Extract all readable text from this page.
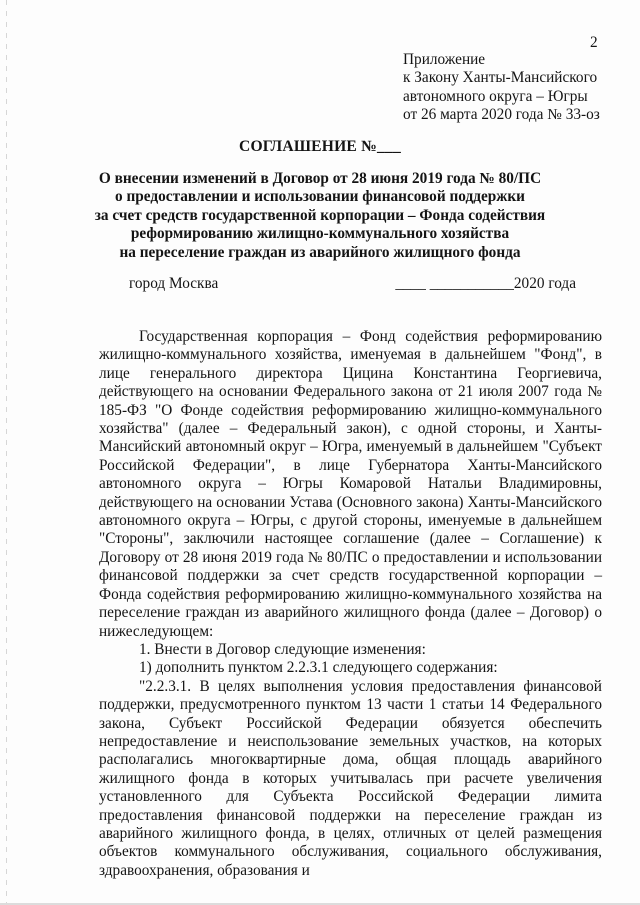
2
Приложение
к Закону Ханты-Мансийского
автономного округа – Югры
от 26 марта 2020 года № 33-оз
СОГЛАШЕНИЕ №___
О внесении изменений в Договор от 28 июня 2019 года № 80/ПС
о предоставлении и использовании финансовой поддержки
за счет средств государственной корпорации – Фонда содействия
реформированию жилищно-коммунального хозяйства
на переселение граждан из аварийного жилищного фонда
город Москва	____ ___________2020 года

Государственная корпорация – Фонд содействия реформированию жилищно-коммунального хозяйства, именуемая в дальнейшем "Фонд", в лице генерального директора Цицина Константина Георгиевича, действующего на основании Федерального закона от 21 июля 2007 года № 185-ФЗ "О Фонде содействия реформированию жилищно-коммунального хозяйства" (далее – Федеральный закон), с одной стороны, и Ханты-Мансийский автономный округ – Югра, именуемый в дальнейшем "Субъект Российской Федерации", в лице Губернатора Ханты-Мансийского автономного округа – Югры Комаровой Натальи Владимировны, действующего на основании Устава (Основного закона) Ханты-Мансийского автономного округа – Югры, с другой стороны, именуемые в дальнейшем "Стороны", заключили настоящее соглашение (далее – Соглашение) к Договору от 28 июня 2019 года № 80/ПС о предоставлении и использовании финансовой поддержки за счет средств государственной корпорации – Фонда содействия реформированию жилищно-коммунального хозяйства на переселение граждан из аварийного жилищного фонда (далее – Договор) о нижеследующем:

1. Внести в Договор следующие изменения:

1) дополнить пунктом 2.2.3.1 следующего содержания:

"2.2.3.1. В целях выполнения условия предоставления финансовой поддержки, предусмотренного пунктом 13 части 1 статьи 14 Федерального закона, Субъект Российской Федерации обязуется обеспечить непредоставление и неиспользование земельных участков, на которых располагались многоквартирные дома, общая площадь аварийного жилищного фонда в которых учитывалась при расчете увеличения установленного для Субъекта Российской Федерации лимита предоставления финансовой поддержки на переселение граждан из аварийного жилищного фонда, в целях, отличных от целей размещения объектов коммунального обслуживания, социального обслуживания, здравоохранения, образования и
